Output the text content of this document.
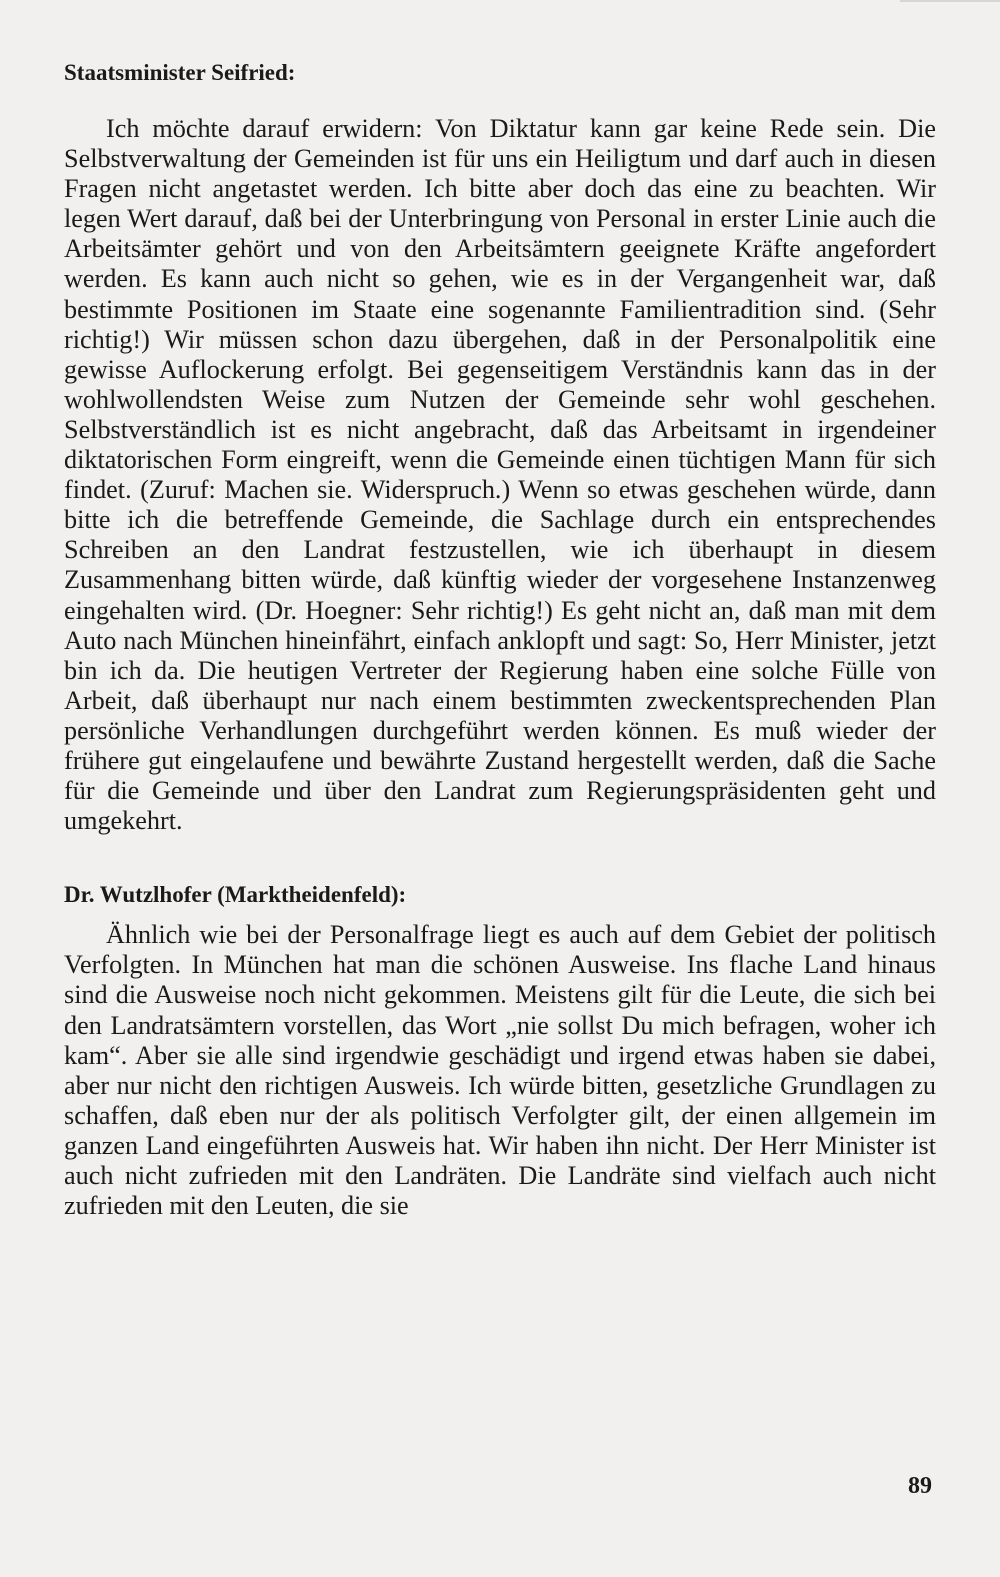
Staatsminister Seifried:

Ich möchte darauf erwidern: Von Diktatur kann gar keine Rede sein. Die Selbstverwaltung der Gemeinden ist für uns ein Heiligtum und darf auch in diesen Fragen nicht angetastet werden. Ich bitte aber doch das eine zu beachten. Wir legen Wert darauf, daß bei der Unterbringung von Personal in erster Linie auch die Arbeitsämter gehört und von den Arbeitsämtern geeignete Kräfte angefordert werden. Es kann auch nicht so gehen, wie es in der Vergangenheit war, daß bestimmte Positionen im Staate eine sogenannte Familientradition sind. (Sehr richtig!) Wir müssen schon dazu übergehen, daß in der Personalpolitik eine gewisse Auflockerung erfolgt. Bei gegenseitigem Verständnis kann das in der wohlwollendsten Weise zum Nutzen der Gemeinde sehr wohl geschehen. Selbstverständlich ist es nicht angebracht, daß das Arbeitsamt in irgendeiner diktatorischen Form eingreift, wenn die Gemeinde einen tüchtigen Mann für sich findet. (Zuruf: Machen sie. Widerspruch.) Wenn so etwas geschehen würde, dann bitte ich die betreffende Gemeinde, die Sachlage durch ein entsprechendes Schreiben an den Landrat festzustellen, wie ich überhaupt in diesem Zusammenhang bitten würde, daß künftig wieder der vorgesehene Instanzenweg eingehalten wird. (Dr. Hoegner: Sehr richtig!) Es geht nicht an, daß man mit dem Auto nach München hineinfährt, einfach anklopft und sagt: So, Herr Minister, jetzt bin ich da. Die heutigen Vertreter der Regierung haben eine solche Fülle von Arbeit, daß überhaupt nur nach einem bestimmten zweckentsprechenden Plan persönliche Verhandlungen durchgeführt werden können. Es muß wieder der frühere gut eingelaufene und bewährte Zustand hergestellt werden, daß die Sache für die Gemeinde und über den Landrat zum Regierungspräsidenten geht und umgekehrt.

Dr. Wutzlhofer (Marktheidenfeld):

Ähnlich wie bei der Personalfrage liegt es auch auf dem Gebiet der politisch Verfolgten. In München hat man die schönen Ausweise. Ins flache Land hinaus sind die Ausweise noch nicht gekommen. Meistens gilt für die Leute, die sich bei den Landratsämtern vorstellen, das Wort „nie sollst Du mich befragen, woher ich kam“. Aber sie alle sind irgendwie geschädigt und irgend etwas haben sie dabei, aber nur nicht den richtigen Ausweis. Ich würde bitten, gesetzliche Grundlagen zu schaffen, daß eben nur der als politisch Verfolgter gilt, der einen allgemein im ganzen Land eingeführten Ausweis hat. Wir haben ihn nicht. Der Herr Minister ist auch nicht zufrieden mit den Landräten. Die Landräte sind vielfach auch nicht zufrieden mit den Leuten, die sie

89
